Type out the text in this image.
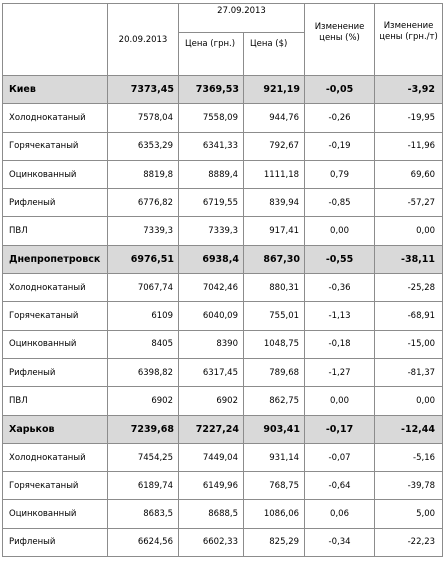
	20.09.2013	27.09.2013		Изменение цены (%)	Изменение цены (грн./т)
		Цена (грн.)	Цена ($)		
Киев	7373,45	7369,53	921,19	-0,05	-3,92
Холоднокатаный	7578,04	7558,09	944,76	-0,26	-19,95
Горячекатаный	6353,29	6341,33	792,67	-0,19	-11,96
Оцинкованный	8819,8	8889,4	1111,18	0,79	69,60
Рифленый	6776,82	6719,55	839,94	-0,85	-57,27
ПВЛ	7339,3	7339,3	917,41	0,00	0,00
Днепропетровск	6976,51	6938,4	867,30	-0,55	-38,11
Холоднокатаный	7067,74	7042,46	880,31	-0,36	-25,28
Горячекатаный	6109	6040,09	755,01	-1,13	-68,91
Оцинкованный	8405	8390	1048,75	-0,18	-15,00
Рифленый	6398,82	6317,45	789,68	-1,27	-81,37
ПВЛ	6902	6902	862,75	0,00	0,00
Харьков	7239,68	7227,24	903,41	-0,17	-12,44
Холоднокатаный	7454,25	7449,04	931,14	-0,07	-5,16
Горячекатаный	6189,74	6149,96	768,75	-0,64	-39,78
Оцинкованный	8683,5	8688,5	1086,06	0,06	5,00
Рифленый	6624,56	6602,33	825,29	-0,34	-22,23
